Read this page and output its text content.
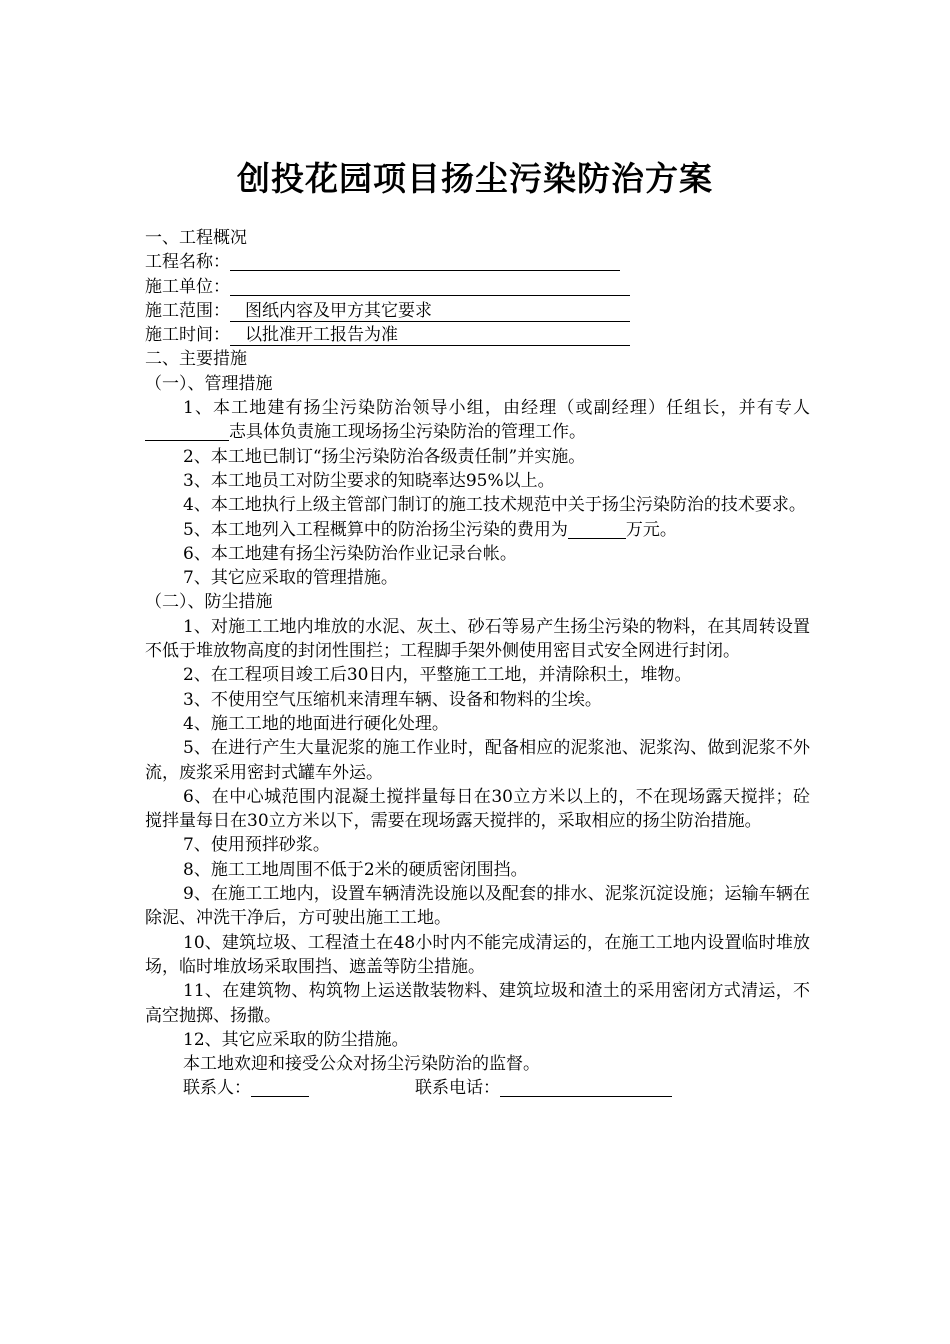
创投花园项目扬尘污染防治方案
一、工程概况
工程名称：
施工单位：
施工范围： 图纸内容及甲方其它要求
施工时间： 以批准开工报告为准
二、主要措施
（一）、管理措施
1、本工地建有扬尘污染防治领导小组，由经理（或副经理）任组长，并有专人志具体负责施工现场扬尘污染防治的管理工作。
2、本工地已制订“扬尘污染防治各级责任制”并实施。
3、本工地员工对防尘要求的知晓率达95%以上。
4、本工地执行上级主管部门制订的施工技术规范中关于扬尘污染防治的技术要求。
5、本工地列入工程概算中的防治扬尘污染的费用为	万元。
6、本工地建有扬尘污染防治作业记录台帐。
7、其它应采取的管理措施。
（二）、防尘措施
1、对施工工地内堆放的水泥、灰土、砂石等易产生扬尘污染的物料，在其周转设置不低于堆放物高度的封闭性围拦；工程脚手架外侧使用密目式安全网进行封闭。
2、在工程项目竣工后30日内，平整施工工地，并清除积土，堆物。
3、不使用空气压缩机来清理车辆、设备和物料的尘埃。
4、施工工地的地面进行硬化处理。
5、在进行产生大量泥浆的施工作业时，配备相应的泥浆池、泥浆沟、做到泥浆不外流，废浆采用密封式罐车外运。
6、在中心城范围内混凝土搅拌量每日在30立方米以上的，不在现场露天搅拌；砼搅拌量每日在30立方米以下，需要在现场露天搅拌的，采取相应的扬尘防治措施。
7、使用预拌砂浆。
8、施工工地周围不低于2米的硬质密闭围挡。
9、在施工工地内，设置车辆清洗设施以及配套的排水、泥浆沉淀设施；运输车辆在除泥、冲洗干净后，方可驶出施工工地。
10、建筑垃圾、工程渣土在48小时内不能完成清运的，在施工工地内设置临时堆放场，临时堆放场采取围挡、遮盖等防尘措施。
11、在建筑物、构筑物上运送散装物料、建筑垃圾和渣土的采用密闭方式清运，不高空抛掷、扬撒。
12、其它应采取的防尘措施。
本工地欢迎和接受公众对扬尘污染防治的监督。
联系人：	联系电话：
